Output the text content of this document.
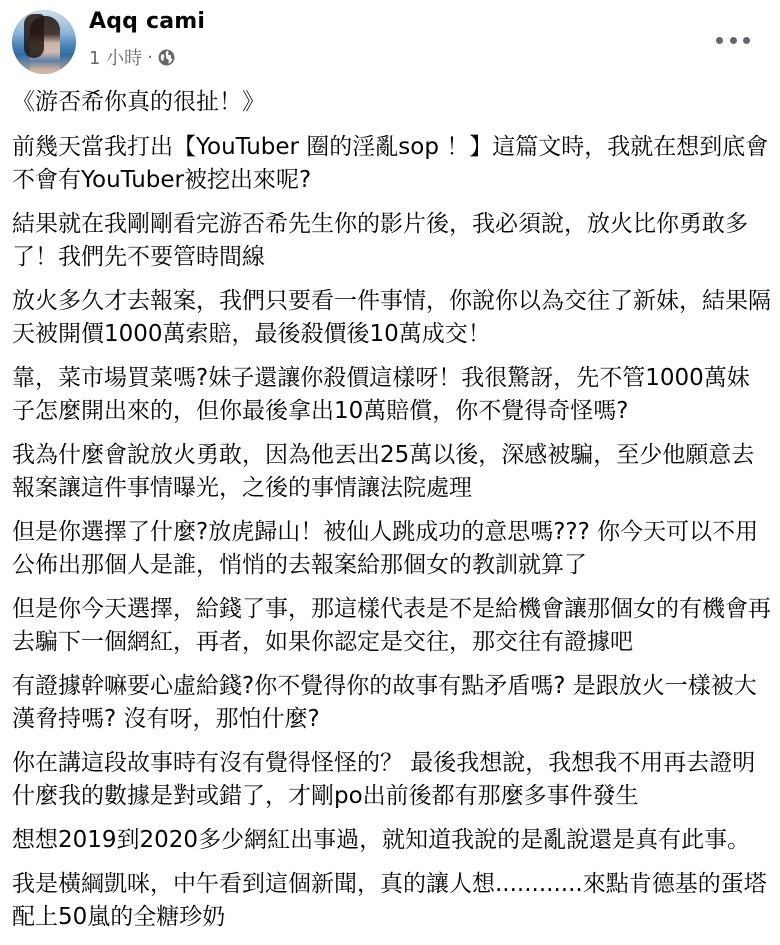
Aqq cami
1 小時 ·

《游否希你真的很扯！》

前幾天當我打出【YouTuber 圈的淫亂sop ！】這篇文時，我就在想到底會不會有YouTuber被挖出來呢?

結果就在我剛剛看完游否希先生你的影片後，我必須說，放火比你勇敢多了！我們先不要管時間線

放火多久才去報案，我們只要看一件事情，你說你以為交往了新妹，結果隔天被開價1000萬索賠，最後殺價後10萬成交！

靠，菜市場買菜嗎?妹子還讓你殺價這樣呀！我很驚訝，先不管1000萬妹子怎麼開出來的，但你最後拿出10萬賠償，你不覺得奇怪嗎?

我為什麼會說放火勇敢，因為他丟出25萬以後，深感被騙，至少他願意去報案讓這件事情曝光，之後的事情讓法院處理

但是你選擇了什麼?放虎歸山！被仙人跳成功的意思嗎??? 你今天可以不用公佈出那個人是誰，悄悄的去報案給那個女的教訓就算了

但是你今天選擇，給錢了事，那這樣代表是不是給機會讓那個女的有機會再去騙下一個網紅，再者，如果你認定是交往，那交往有證據吧

有證據幹嘛要心虛給錢?你不覺得你的故事有點矛盾嗎? 是跟放火一樣被大漢脅持嗎? 沒有呀，那怕什麼?

你在講這段故事時有沒有覺得怪怪的？ 最後我想說，我想我不用再去證明什麼我的數據是對或錯了，才剛po出前後都有那麼多事件發生

想想2019到2020多少網紅出事過，就知道我說的是亂說還是真有此事。

我是橫綱凱咪，中午看到這個新聞，真的讓人想............來點肯德基的蛋塔配上50嵐的全糖珍奶
